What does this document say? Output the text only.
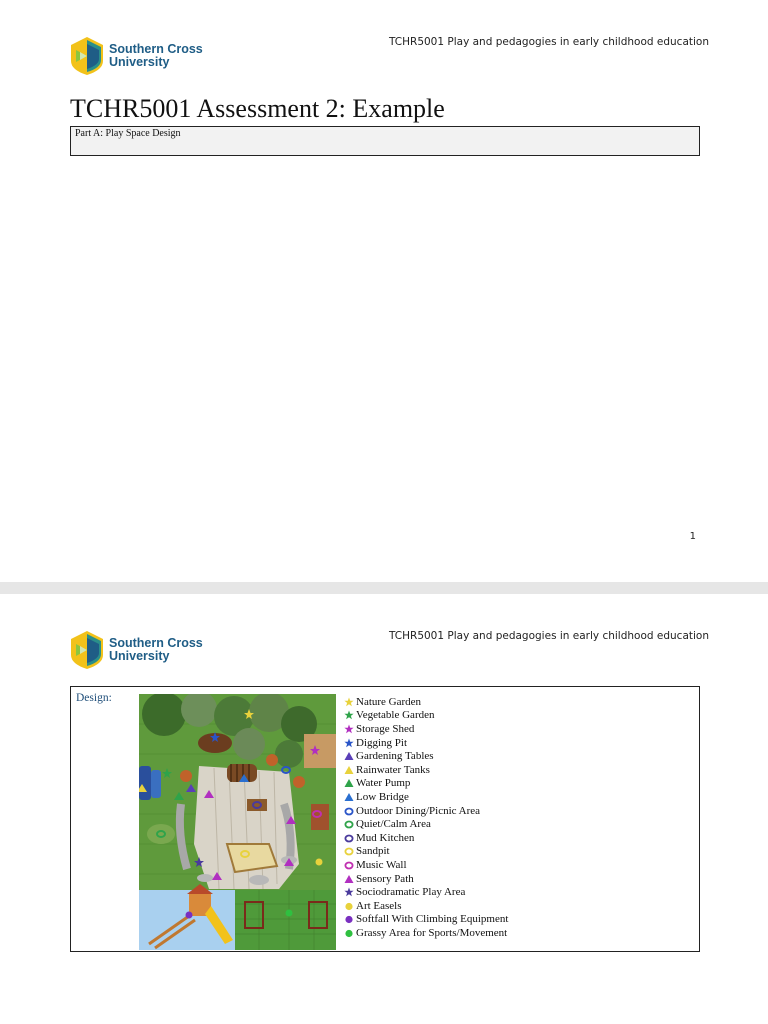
Southern Cross
University
TCHR5001 Play and pedagogies in early childhood education
TCHR5001 Assessment 2: Example
Part A: Play Space Design
1
Southern Cross
University
TCHR5001 Play and pedagogies in early childhood education
Design:	Nature Garden
Vegetable Garden
Storage Shed
Digging Pit
Gardening Tables
Rainwater Tanks
Water Pump
Low Bridge
Outdoor Dining/Picnic Area
Quiet/Calm Area
Mud Kitchen
Sandpit
Music Wall
Sensory Path
Sociodramatic Play Area
Art Easels
Softfall With Climbing Equipment
Grassy Area for Sports/Movement
